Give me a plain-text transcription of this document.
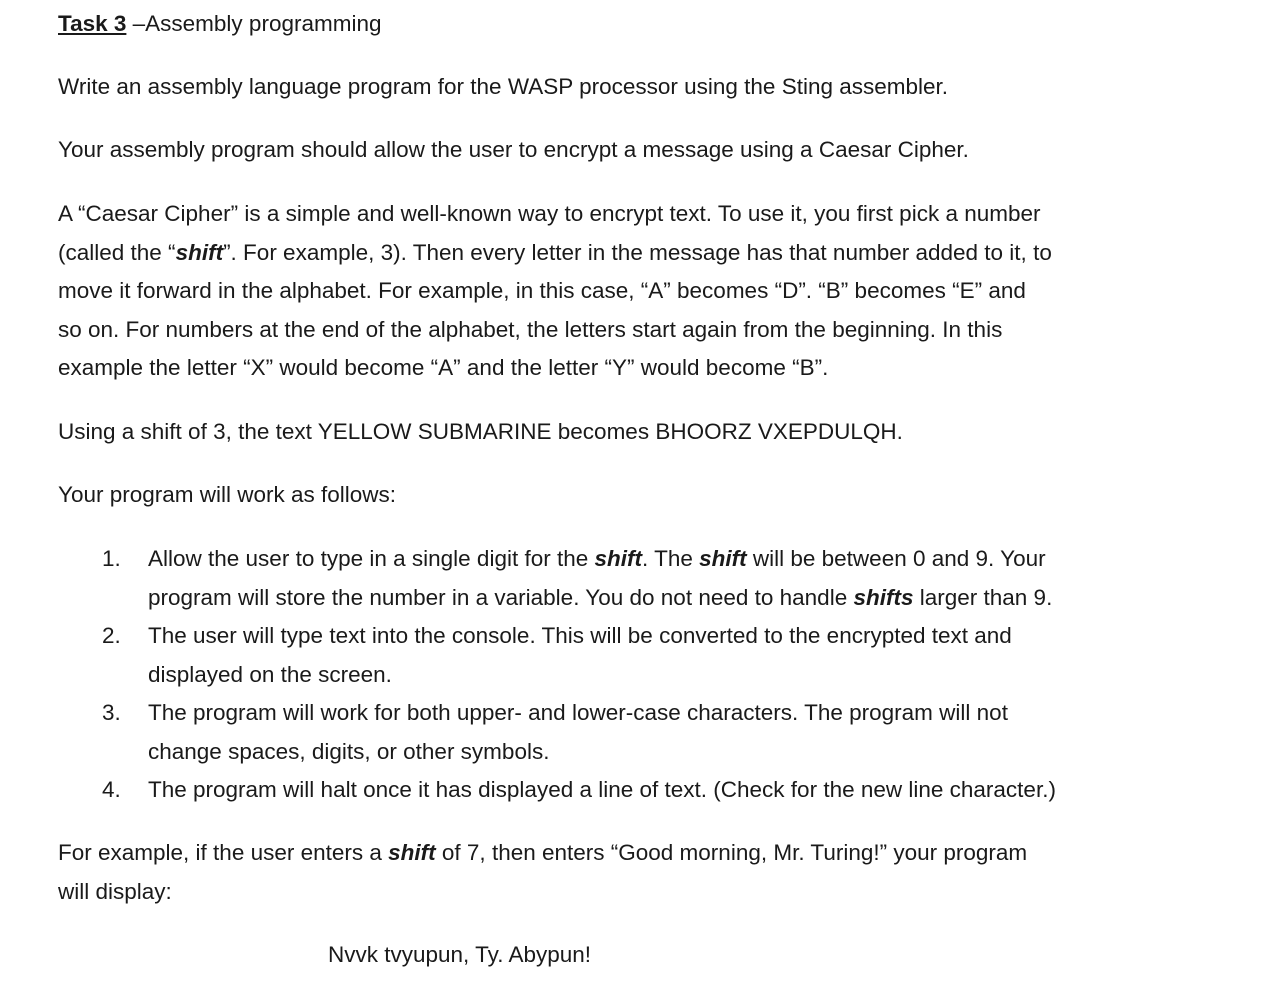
Task 3 –Assembly programming

Write an assembly language program for the WASP processor using the Sting assembler.

Your assembly program should allow the user to encrypt a message using a Caesar Cipher.

A “Caesar Cipher” is a simple and well-known way to encrypt text. To use it, you first pick a number
(called the “shift”. For example, 3). Then every letter in the message has that number added to it, to
move it forward in the alphabet. For example, in this case, “A” becomes “D”. “B” becomes “E” and
so on. For numbers at the end of the alphabet, the letters start again from the beginning. In this
example the letter “X” would become “A” and the letter “Y” would become “B”.

Using a shift of 3, the text YELLOW SUBMARINE becomes BHOORZ VXEPDULQH.

Your program will work as follows:

1.	Allow the user to type in a single digit for the shift. The shift will be between 0 and 9. Your
program will store the number in a variable. You do not need to handle shifts larger than 9.
2.	The user will type text into the console. This will be converted to the encrypted text and
displayed on the screen.
3.	The program will work for both upper- and lower-case characters. The program will not
change spaces, digits, or other symbols.
4.	The program will halt once it has displayed a line of text. (Check for the new line character.)
For example, if the user enters a shift of 7, then enters “Good morning, Mr. Turing!” your program
will display:
Nvvk tvyupun, Ty. Abypun!
